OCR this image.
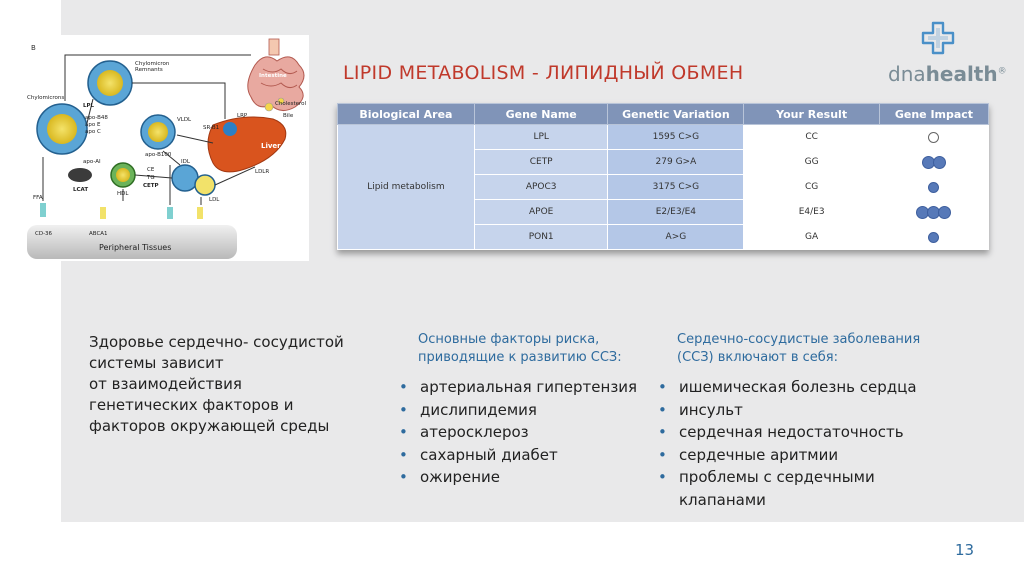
B
Chylomicrons
Chylomicron Remnants
Intestine
Cholesterol
Bile
LPL
apo-B48
apo E
apo C
VLDL
apo-B100
SR-B1
LRP
Liver
LDLR
IDL
LDL
HDL
LCAT
CETP
CE
TG
apo-AI
FFA
ABCA1
CD-36
Peripheral Tissues
LIPID METABOLISM - ЛИПИДНЫЙ ОБМЕН	dnahealth®
Biological Area	Gene Name	Genetic Variation	Your Result	Gene Impact
Lipid metabolism	LPL	1595 C>G	CC	
	CETP	279 G>A	GG	
	APOC3	3175 C>G	CG	
	APOE	E2/E3/E4	E4/E3	
	PON1	A>G	GA	
Здоровье сердечно- сосудистой
системы зависит
от взаимодействия
генетических факторов и
факторов окружающей среды
Основные факторы риска,
приводящие к развитию ССЗ:
• артериальная гипертензия
• дислипидемия
• атеросклероз
• сахарный диабет
• ожирение
Сердечно-сосудистые заболевания
(ССЗ) включают в себя:
• ишемическая болезнь сердца
• инсульт
• сердечная недостаточность
• сердечные аритмии
• проблемы с сердечными клапанами
13
